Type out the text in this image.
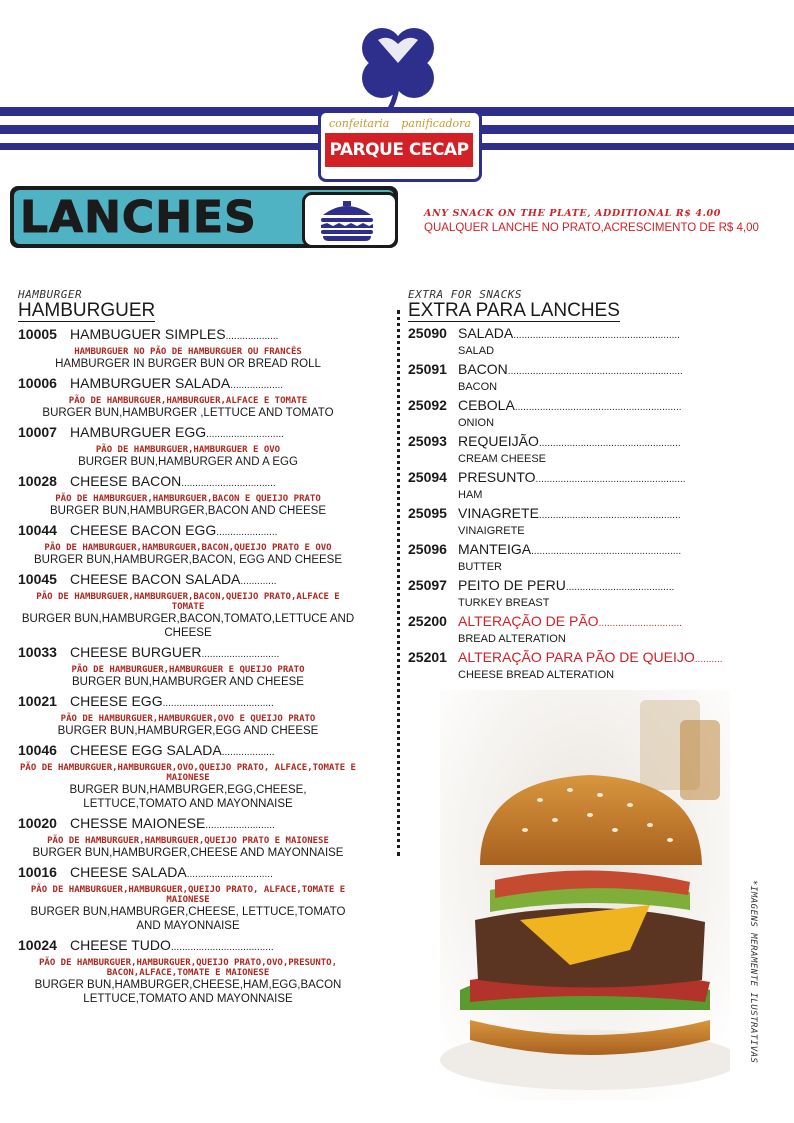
confeitaria panificadora
PARQUE CECAP
LANCHES	ANY SNACK ON THE PLATE, ADDITIONAL R$ 4.00
QUALQUER LANCHE NO PRATO,ACRESCIMENTO DE R$ 4,00
HAMBURGER
HAMBURGUER
10005 HAMBUGUER SIMPLES ...................
HAMBURGUER NO PÃO DE HAMBURGUER OU FRANCÊS
HAMBURGER IN BURGER BUN OR BREAD ROLL
10006 HAMBURGUER SALADA ...................
PÃO DE HAMBURGUER,HAMBURGUER,ALFACE E TOMATE
BURGER BUN,HAMBURGER ,LETTUCE AND TOMATO
10007 HAMBURGUER EGG ............................
PÃO DE HAMBURGUER,HAMBURGUER E OVO
BURGER BUN,HAMBURGER AND A EGG
10028 CHEESE BACON ..................................
PÃO DE HAMBURGUER,HAMBURGUER,BACON E QUEIJO PRATO
BURGER BUN,HAMBURGER,BACON AND CHEESE
10044 CHEESE BACON EGG ......................
PÃO DE HAMBURGUER,HAMBURGUER,BACON,QUEIJO PRATO E OVO
BURGER BUN,HAMBURGER,BACON, EGG AND CHEESE
10045 CHEESE BACON SALADA .............
PÃO DE HAMBURGUER,HAMBURGUER,BACON,QUEIJO PRATO,ALFACE E TOMATE
BURGER BUN,HAMBURGER,BACON,TOMATO,LETTUCE AND CHEESE
10033 CHEESE BURGUER ............................
PÃO DE HAMBURGUER,HAMBURGUER E QUEIJO PRATO
BURGER BUN,HAMBURGER AND CHEESE
10021 CHEESE EGG ........................................
PÃO DE HAMBURGUER,HAMBURGUER,OVO E QUEIJO PRATO
BURGER BUN,HAMBURGER,EGG AND CHEESE
10046 CHEESE EGG SALADA ...................
PÃO DE HAMBURGUER,HAMBURGUER,OVO,QUEIJO PRATO, ALFACE,TOMATE E MAIONESE
BURGER BUN,HAMBURGER,EGG,CHEESE, LETTUCE,TOMATO AND MAYONNAISE
10020 CHESSE MAIONESE .........................
PÃO DE HAMBURGUER,HAMBURGUER,QUEIJO PRATO E MAIONESE
BURGER BUN,HAMBURGER,CHEESE AND MAYONNAISE
10016 CHEESE SALADA ...............................
PÃO DE HAMBURGUER,HAMBURGUER,QUEIJO PRATO, ALFACE,TOMATE E MAIONESE
BURGER BUN,HAMBURGER,CHEESE, LETTUCE,TOMATO AND MAYONNAISE
10024 CHEESE TUDO .....................................
PÃO DE HAMBURGUER,HAMBURGUER,QUEIJO PRATO,OVO,PRESUNTO, BACON,ALFACE,TOMATE E MAIONESE
BURGER BUN,HAMBURGER,CHEESE,HAM,EGG,BACON LETTUCE,TOMATO AND MAYONNAISE
EXTRA FOR SNACKS
EXTRA PARA LANCHES
25090 SALADA ............................................................
SALAD
25091 BACON ...............................................................
BACON
25092 CEBOLA ............................................................
ONION
25093 REQUEIJÃO ...................................................
CREAM CHEESE
25094 PRESUNTO ......................................................
HAM
25095 VINAGRETE ...................................................
VINAIGRETE
25096 MANTEIGA ......................................................
BUTTER
25097 PEITO DE PERU .......................................
TURKEY BREAST
25200 ALTERAÇÃO DE PÃO ..............................
BREAD ALTERATION
25201 ALTERAÇÃO PARA PÃO DE QUEIJO ..........
CHEESE BREAD ALTERATION
*IMAGENS MERAMENTE ILUSTRATIVAS
